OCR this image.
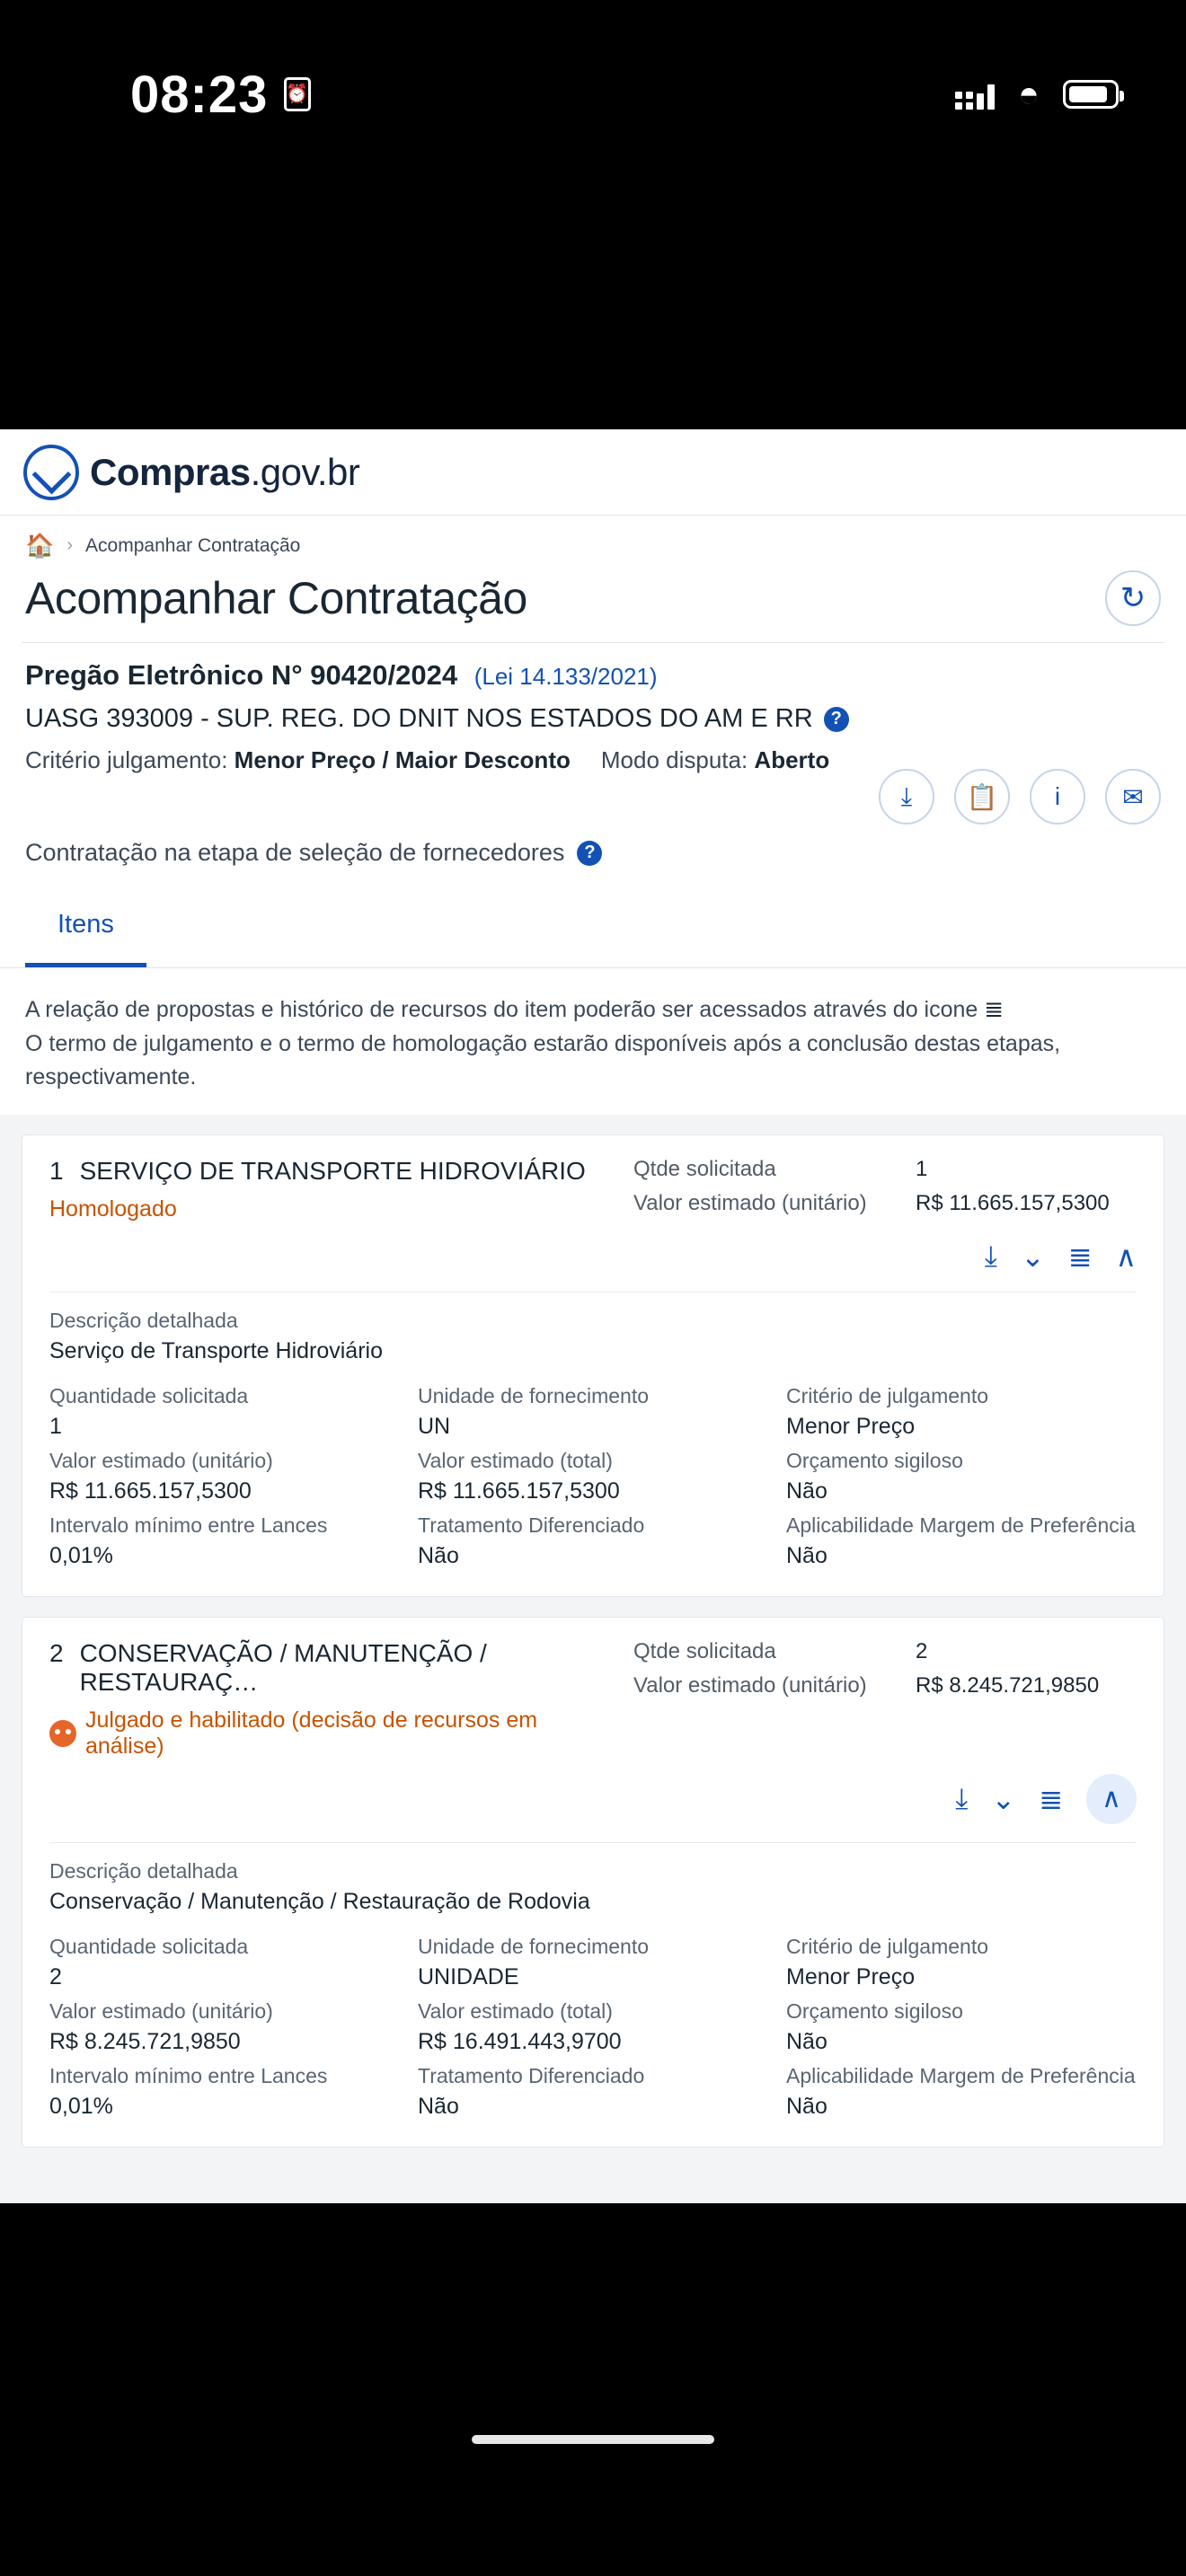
08:23 ⏰	◓
Compras.gov.br
🏠 › Acompanhar Contratação
Acompanhar Contratação	↻
Pregão Eletrônico N° 90420/2024 (Lei 14.133/2021)
UASG 393009 - SUP. REG. DO DNIT NOS ESTADOS DO AM E RR ?
Critério julgamento: Menor Preço / Maior Desconto Modo disputa: Aberto
⤓	📋	i	✉
Contratação na etapa de seleção de fornecedores	?
Itens
A relação de propostas e histórico de recursos do item poderão ser acessados através do icone ≣
O termo de julgamento e o termo de homologação estarão disponíveis após a conclusão destas etapas, respectivamente.
1 SERVIÇO DE TRANSPORTE HIDROVIÁRIO
Homologado
Qtde solicitada	1
Valor estimado (unitário)	R$ 11.665.157,5300
⤓ ⌄ ≣ ∧
Descrição detalhada
Serviço de Transporte Hidroviário
Quantidade solicitada
1
Unidade de fornecimento
UN
Critério de julgamento
Menor Preço
Valor estimado (unitário)
R$ 11.665.157,5300
Valor estimado (total)
R$ 11.665.157,5300
Orçamento sigiloso
Não
Intervalo mínimo entre Lances
0,01%
Tratamento Diferenciado
Não
Aplicabilidade Margem de Preferência
Não
2 CONSERVAÇÃO / MANUTENÇÃO / RESTAURAÇ…
Julgado e habilitado (decisão de recursos em análise)
Qtde solicitada	2
Valor estimado (unitário)	R$ 8.245.721,9850
⤓ ⌄ ≣	∧
Descrição detalhada
Conservação / Manutenção / Restauração de Rodovia
Quantidade solicitada
2
Unidade de fornecimento
UNIDADE
Critério de julgamento
Menor Preço
Valor estimado (unitário)
R$ 8.245.721,9850
Valor estimado (total)
R$ 16.491.443,9700
Orçamento sigiloso
Não
Intervalo mínimo entre Lances
0,01%
Tratamento Diferenciado
Não
Aplicabilidade Margem de Preferência
Não
